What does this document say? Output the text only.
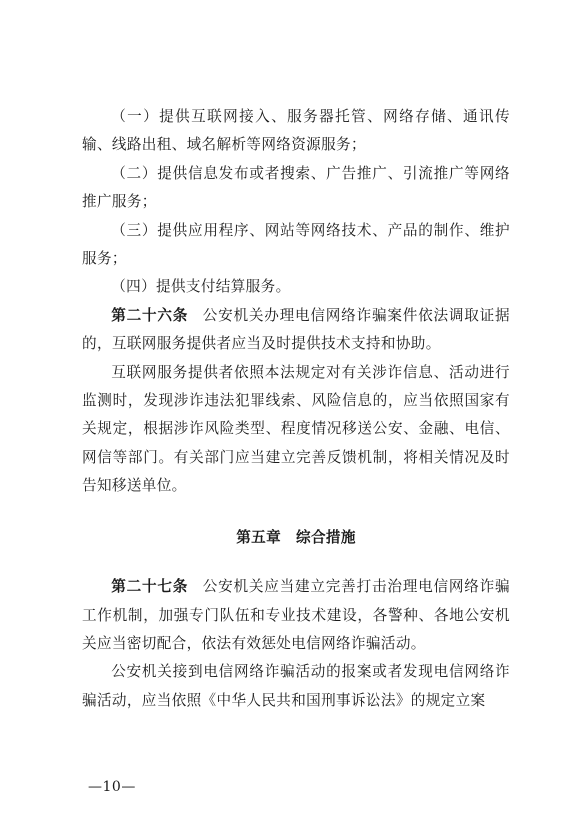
（一）提供互联网接入、服务器托管、网络存储、通讯传输、线路出租、域名解析等网络资源服务；

（二）提供信息发布或者搜索、广告推广、引流推广等网络推广服务；

（三）提供应用程序、网站等网络技术、产品的制作、维护服务；

（四）提供支付结算服务。

第二十六条 公安机关办理电信网络诈骗案件依法调取证据的，互联网服务提供者应当及时提供技术支持和协助。

互联网服务提供者依照本法规定对有关涉诈信息、活动进行监测时，发现涉诈违法犯罪线索、风险信息的，应当依照国家有关规定，根据涉诈风险类型、程度情况移送公安、金融、电信、网信等部门。有关部门应当建立完善反馈机制，将相关情况及时告知移送单位。

第五章　综合措施

第二十七条 公安机关应当建立完善打击治理电信网络诈骗工作机制，加强专门队伍和专业技术建设，各警种、各地公安机关应当密切配合，依法有效惩处电信网络诈骗活动。

公安机关接到电信网络诈骗活动的报案或者发现电信网络诈骗活动，应当依照《中华人民共和国刑事诉讼法》的规定立案

—10—
